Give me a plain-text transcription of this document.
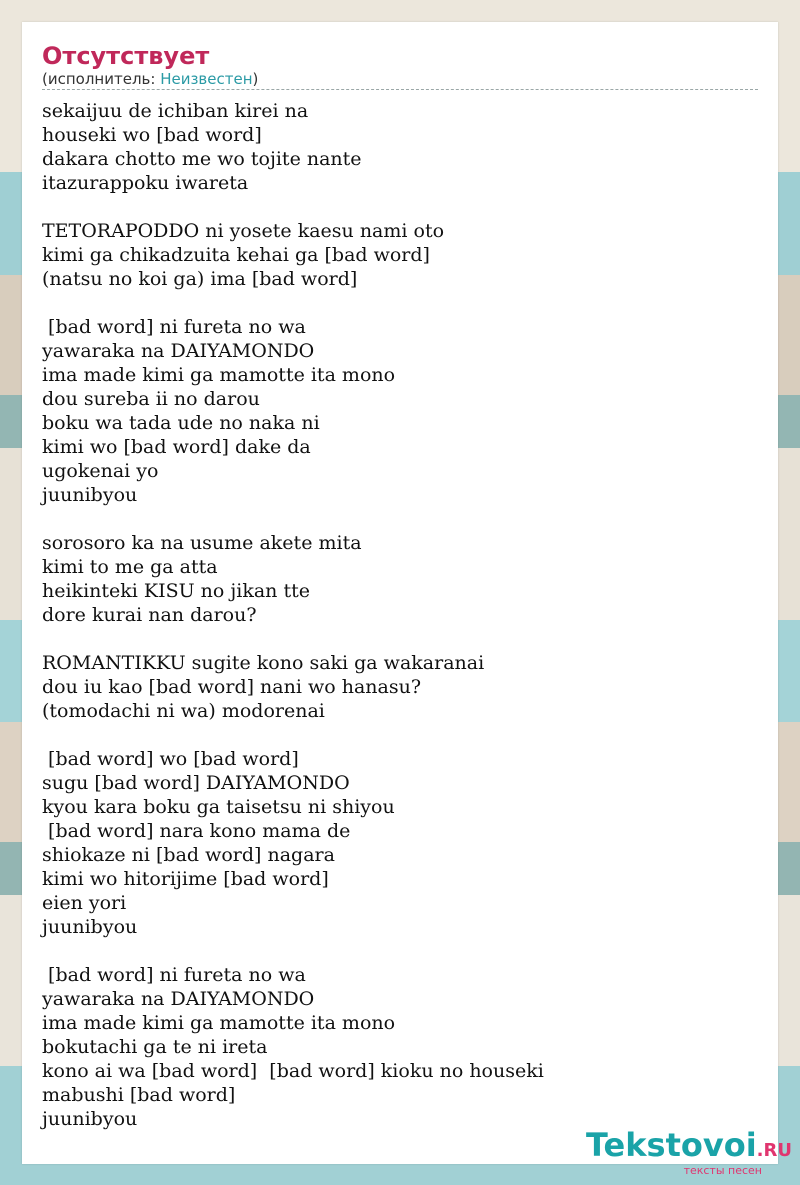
Отсутствует
(исполнитель: Неизвестен)
sekaijuu de ichiban kirei na
houseki wo [bad word]
dakara chotto me wo tojite nante
itazurappoku iwareta
TETORAPODDO ni yosete kaesu nami oto
kimi ga chikadzuita kehai ga [bad word]
(natsu no koi ga) ima [bad word]
[bad word] ni fureta no wa
yawaraka na DAIYAMONDO
ima made kimi ga mamotte ita mono
dou sureba ii no darou
boku wa tada ude no naka ni
kimi wo [bad word] dake da
ugokenai yo
juunibyou
sorosoro ka na usume akete mita
kimi to me ga atta
heikinteki KISU no jikan tte
dore kurai nan darou?
ROMANTIKKU sugite kono saki ga wakaranai
dou iu kao [bad word] nani wo hanasu?
(tomodachi ni wa) modorenai
[bad word] wo [bad word]
sugu [bad word] DAIYAMONDO
kyou kara boku ga taisetsu ni shiyou
[bad word] nara kono mama de
shiokaze ni [bad word] nagara
kimi wo hitorijime [bad word]
eien yori
juunibyou
[bad word] ni fureta no wa
yawaraka na DAIYAMONDO
ima made kimi ga mamotte ita mono
bokutachi ga te ni ireta
kono ai wa [bad word]  [bad word] kioku no houseki
mabushi [bad word]
juunibyou
Tekstovoi.RU
тексты песен
